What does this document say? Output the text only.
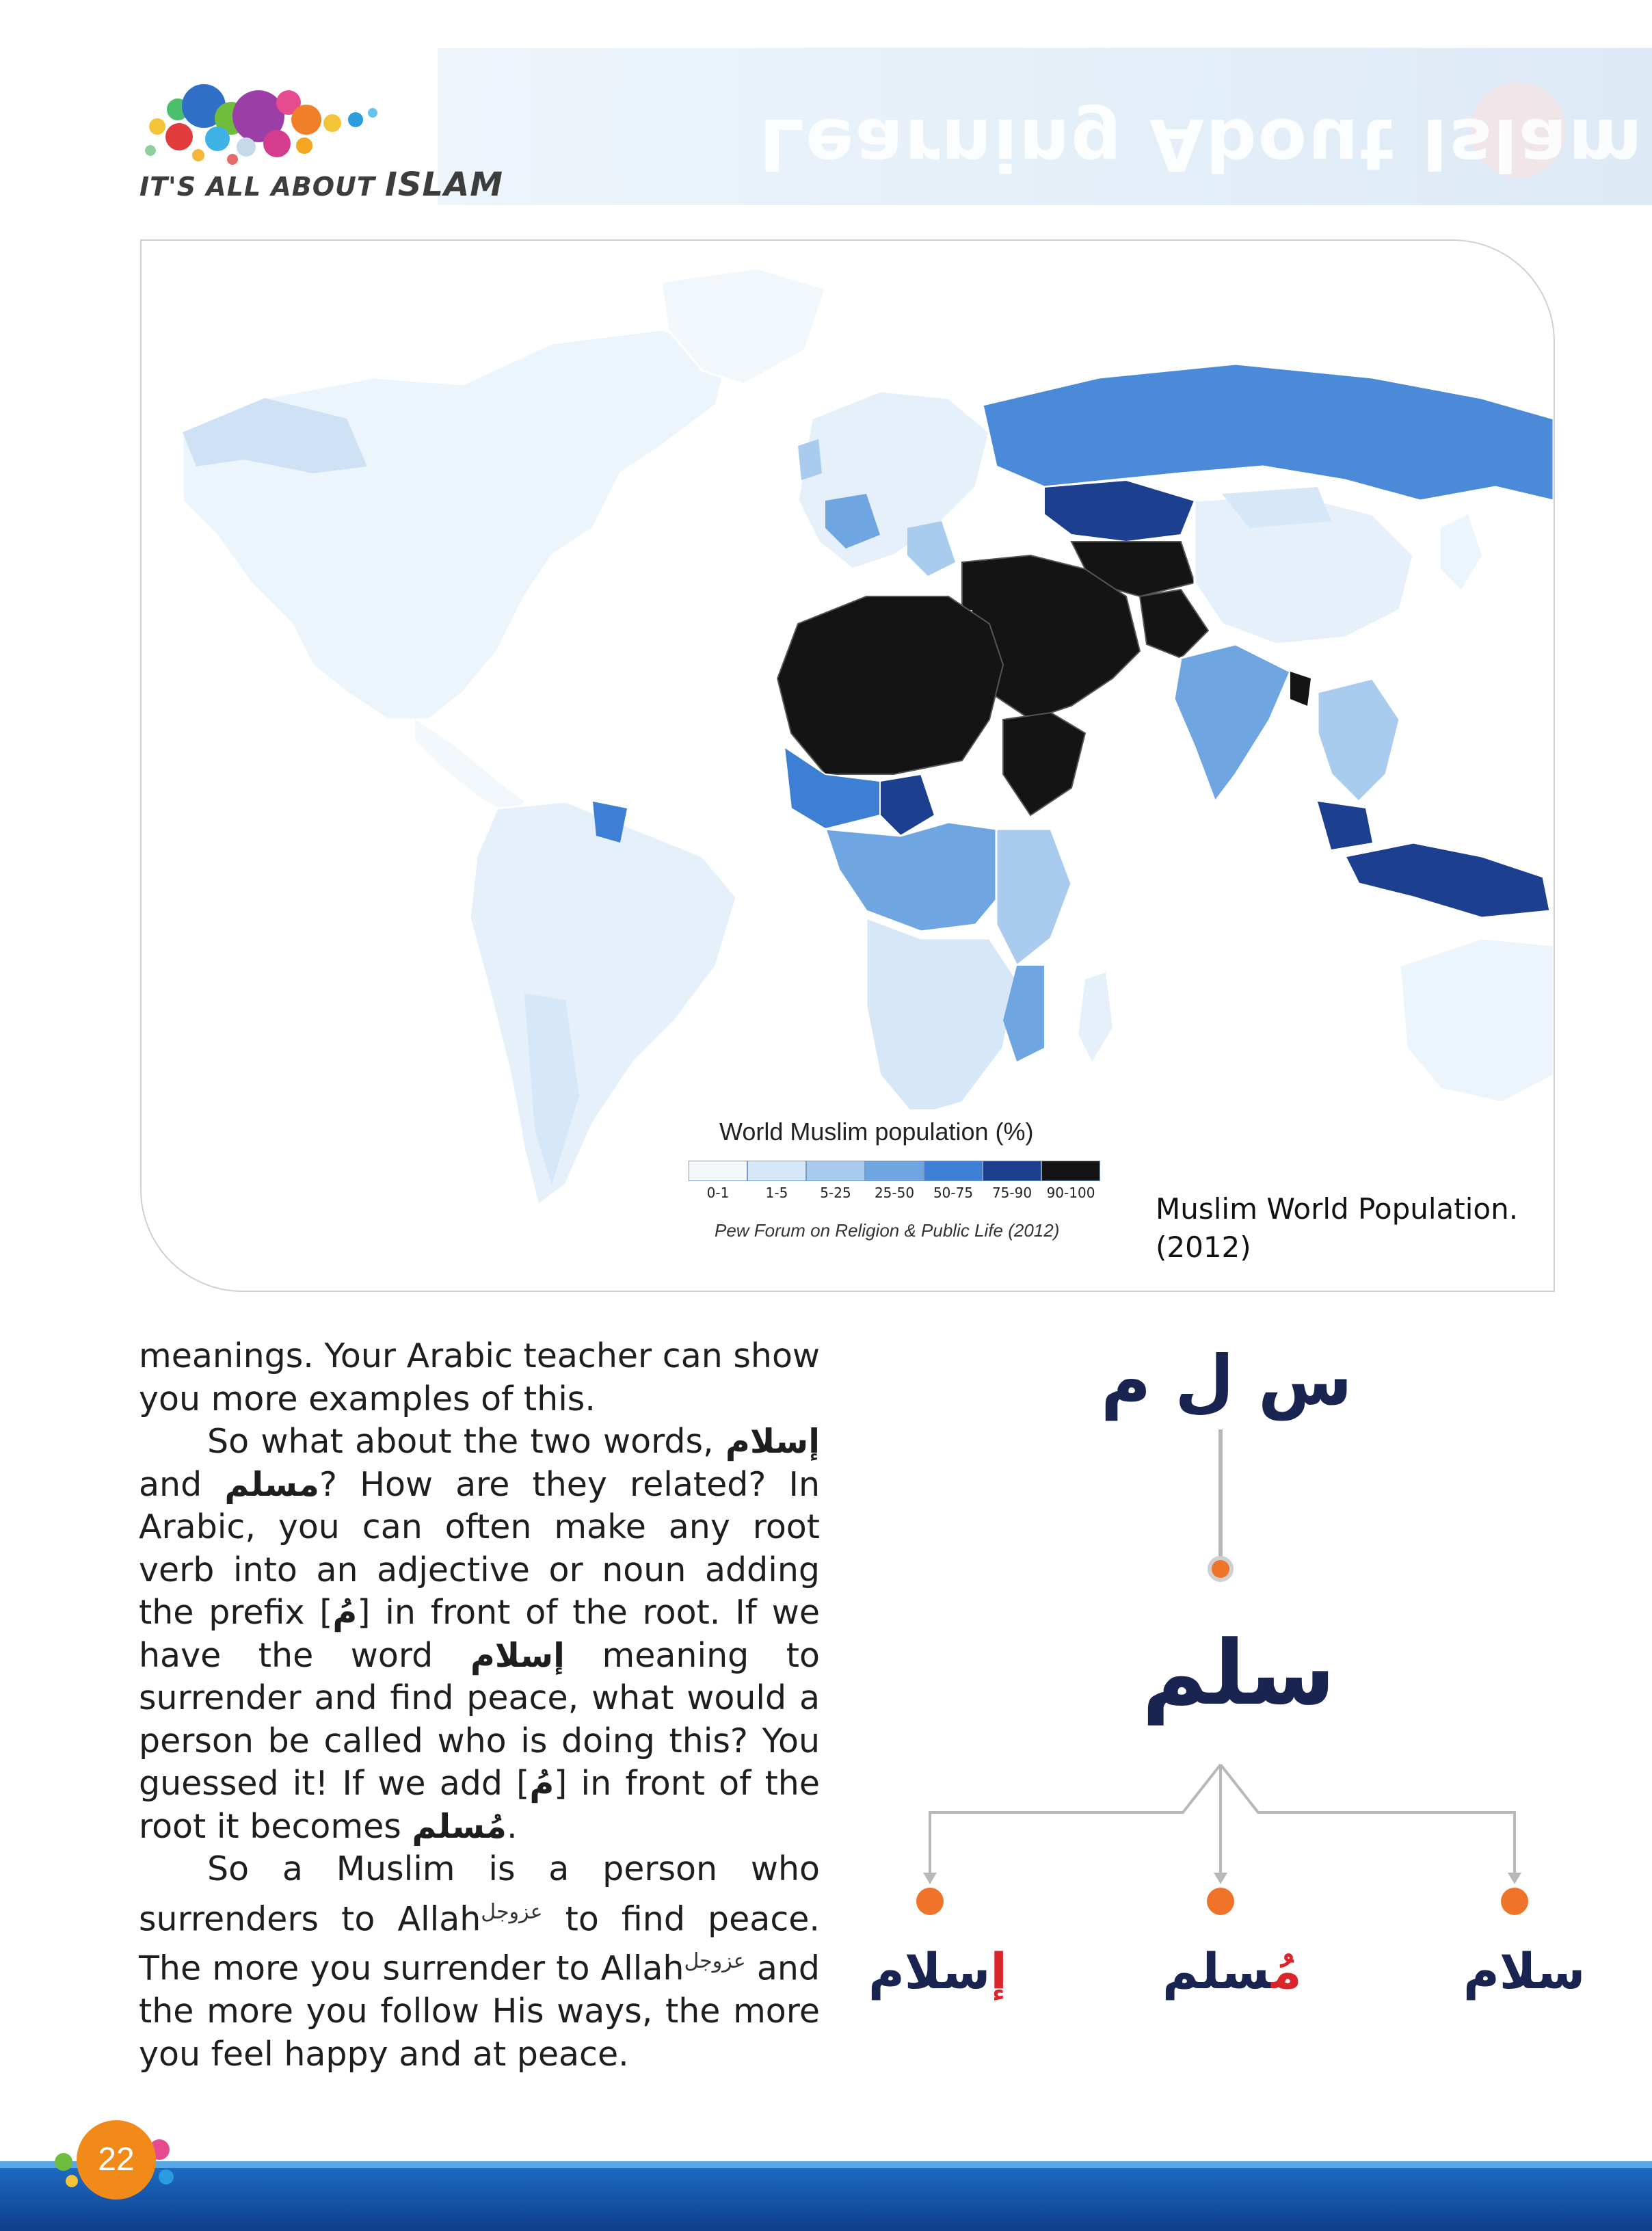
Learning About Islam
IT'S ALL ABOUT ISLAM
World Muslim population (%)
0-1	1-5	5-25	25-50	50-75	75-90	90-100
Pew Forum on Religion & Public Life (2012)
Muslim World Population. (2012)

meanings. Your Arabic teacher can show you more examples of this.

So what about the two words, إسلام and مسلم? How are they related? In Arabic, you can often make any root verb into an adjective or noun adding the prefix [مُ] in front of the root. If we have the word إسلام meaning to surrender and find peace, what would a person be called who is doing this? You guessed it! If we add [مُ] in front of the root it becomes مُسلم.

So a Muslim is a person who surrenders to Allah$^{عزوجل}$ to find peace. The more you surrender to Allah$^{عزوجل}$ and the more you follow His ways, the more you feel happy and at peace.

س ل م
سلم
إسلام	مُسلم	سلام
22
